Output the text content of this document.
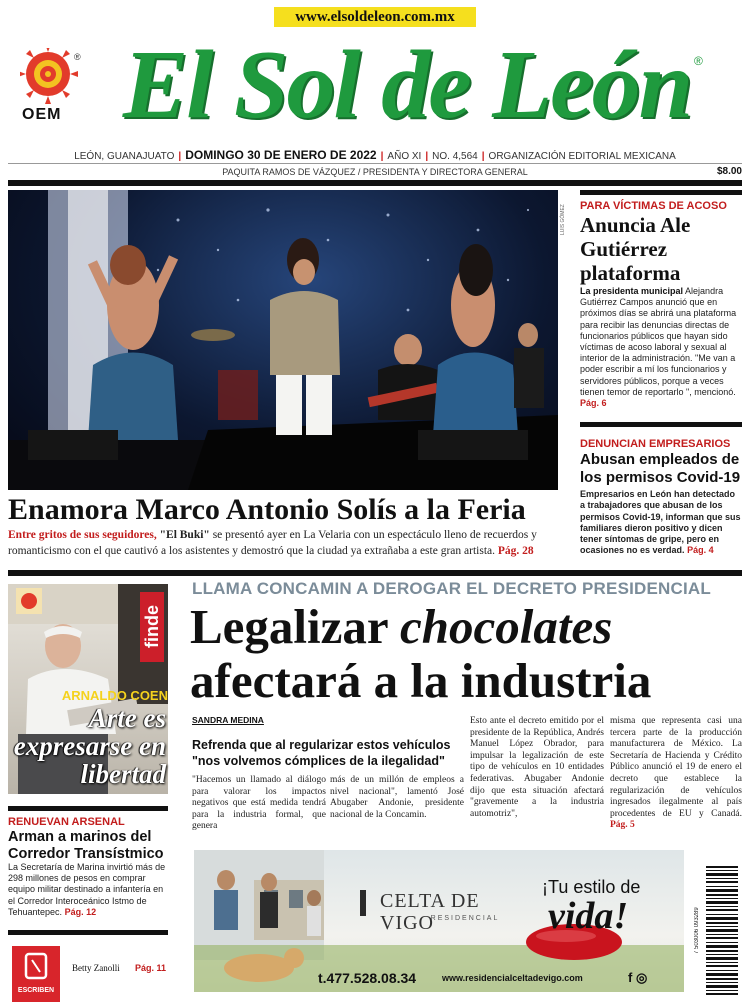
www.elsoldeleon.com.mx
®
OEM El Sol de León ®
LEÓN, GUANAJUATO | DOMINGO 30 DE ENERO DE 2022 | AÑO XI | NO. 4,564 | ORGANIZACIÓN EDITORIAL MEXICANA
PAQUITA RAMOS DE VÁZQUEZ / PRESIDENTA Y DIRECTORA GENERAL	$8.00
LUIS GÓMEZ
Enamora Marco Antonio Solís a la Feria
Entre gritos de sus seguidores, "El Buki" se presentó ayer en La Velaria con un espectáculo lleno de recuerdos y romanticismo con el que cautivó a los asistentes y demostró que la ciudad ya extrañaba a este gran artista. Pág. 28
PARA VÍCTIMAS DE ACOSO
Anuncia Ale Gutiérrez plataforma
La presidenta municipal Alejandra Gutiérrez Campos anunció que en próximos días se abrirá una plataforma para recibir las denuncias directas de funcionarios públicos que hayan sido víctimas de acoso laboral y sexual al interior de la administración. "Me van a poder escribir a mí los funcionarios y servidores públicos, porque a veces tienen temor de reportarlo ", mencionó. Pág. 6
DENUNCIAN EMPRESARIOS
Abusan empleados de los permisos Covid-19
Empresarios en León han detectado a trabajadores que abusan de los permisos Covid-19, informan que sus familiares dieron positivo y dicen tener síntomas de gripe, pero en ocasiones no es verdad. Pág. 4
finde
ARNALDO COEN
Arte es expresarse en libertad
RENUEVAN ARSENAL
Arman a marinos del Corredor Transístmico
La Secretaría de Marina invirtió más de 298 millones de pesos en comprar equipo militar destinado a infantería en el Corredor Interoceánico Istmo de Tehuantepec. Pág. 12
ESCRIBEN
Betty Zanolli	Pág. 11
LLAMA CONCAMIN A DEROGAR EL DECRETO PRESIDENCIAL
Legalizar chocolates
afectará a la industria
SANDRA MEDINA
Refrenda que al regularizar estos vehículos "nos volvemos cómplices de la ilegalidad"
"Hacemos un llamado al diálogo para valorar los impactos negativos que está medida tendrá para la industria formal, que genera
más de un millón de empleos a nivel nacional", lamentó José Abugaber Andonie, presidente nacional de la Concamin.
Esto ante el decreto emitido por el presidente de la República, Andrés Manuel López Obrador, para impulsar la legalización de este tipo de vehículos en 10 entidades federativas. Abugaber Andonie dijo que esta situación afectará "gravemente a la industria automotriz",
misma que representa casi una tercera parte de la producción manufacturera de México. La Secretaría de Hacienda y Crédito Público anunció el 19 de enero el decreto que establece la regularización de vehículos ingresados ilegalmente al país procedentes de EU y Canadá. Pág. 5
CELTA DE VIGO
RESIDENCIAL
¡Tu estilo de
vida!
t.477.528.08.34	www.residencialceltadevigo.com	f ◎
7 503006 093289
